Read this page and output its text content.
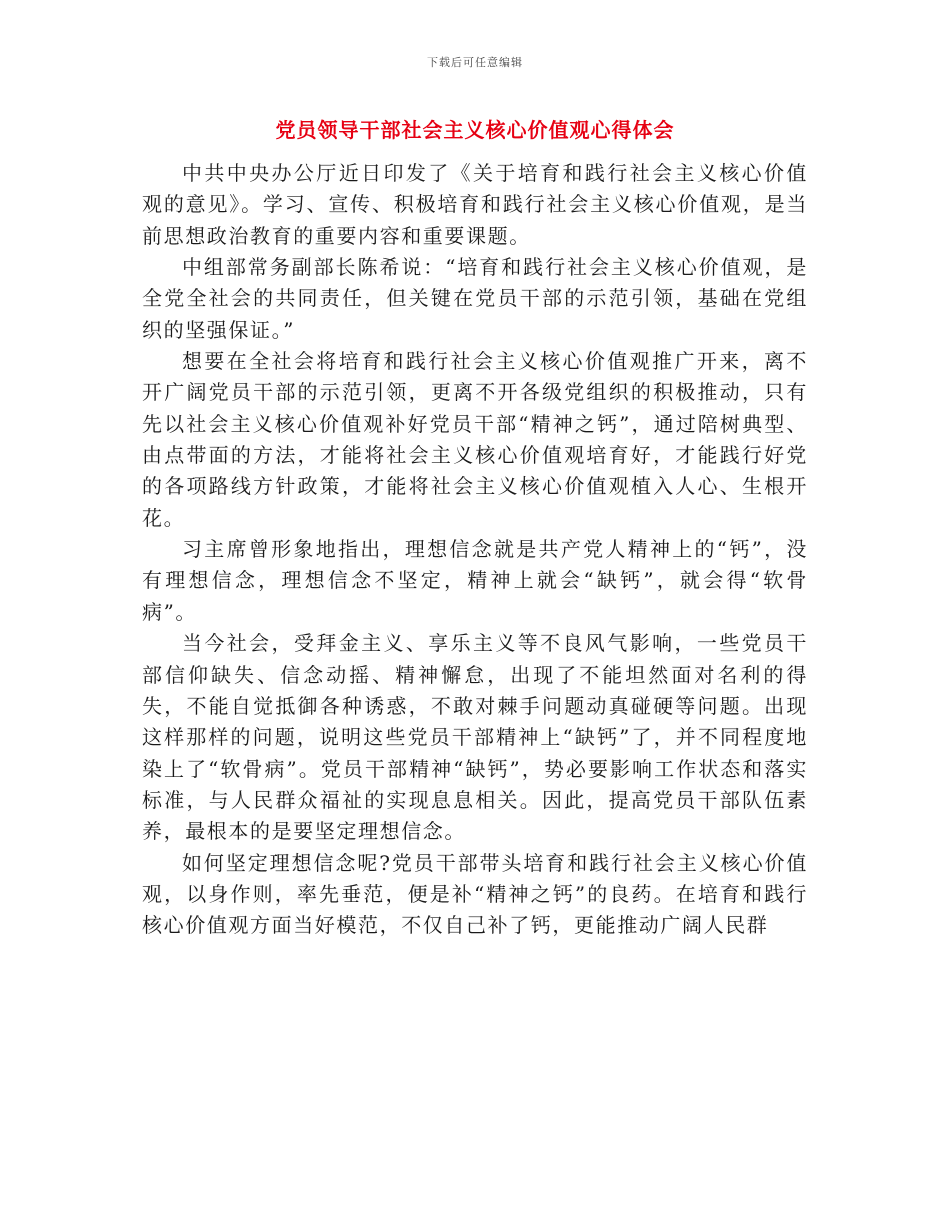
下载后可任意编辑
党员领导干部社会主义核心价值观心得体会

中共中央办公厅近日印发了《关于培育和践行社会主义核心价值观的意见》。学习、宣传、积极培育和践行社会主义核心价值观，是当前思想政治教育的重要内容和重要课题。

中组部常务副部长陈希说：“培育和践行社会主义核心价值观，是全党全社会的共同责任，但关键在党员干部的示范引领，基础在党组织的坚强保证。”

想要在全社会将培育和践行社会主义核心价值观推广开来，离不开广阔党员干部的示范引领，更离不开各级党组织的积极推动，只有先以社会主义核心价值观补好党员干部“精神之钙”，通过陪树典型、由点带面的方法，才能将社会主义核心价值观培育好，才能践行好党的各项路线方针政策，才能将社会主义核心价值观植入人心、生根开花。

习主席曾形象地指出，理想信念就是共产党人精神上的“钙”，没有理想信念，理想信念不坚定，精神上就会“缺钙”，就会得“软骨病”。

当今社会，受拜金主义、享乐主义等不良风气影响，一些党员干部信仰缺失、信念动摇、精神懈怠，出现了不能坦然面对名利的得失，不能自觉抵御各种诱惑，不敢对棘手问题动真碰硬等问题。出现这样那样的问题，说明这些党员干部精神上“缺钙”了，并不同程度地染上了“软骨病”。党员干部精神“缺钙”，势必要影响工作状态和落实标准，与人民群众福祉的实现息息相关。因此，提高党员干部队伍素养，最根本的是要坚定理想信念。

如何坚定理想信念呢?党员干部带头培育和践行社会主义核心价值观，以身作则，率先垂范，便是补“精神之钙”的良药。在培育和践行核心价值观方面当好模范，不仅自己补了钙，更能推动广阔人民群
